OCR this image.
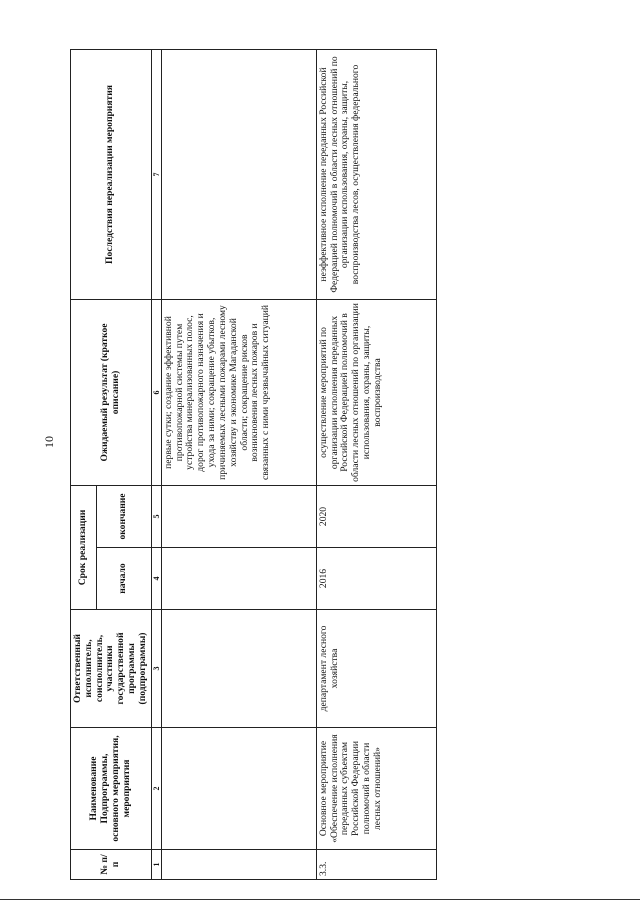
10
№ п/п	Наименование Подпрограммы, основного мероприятия, мероприятия	Ответственный исполнитель, соисполнитель, участники государственной программы (подпрограммы)	Срок реализации		Ожидаемый результат (краткое описание)	Последствия нереализации мероприятия
			начало	окончание		
1	2	3	4	5	6	7
					первые сутки; создание эффективной противопожарной системы путем устройства минерализованных полос, дорог противопожарного назначения и ухода за ними; сокращение убытков, причиняемых лесными пожарами лесному хозяйству и экономике Магаданской области; сокращение рисков возникновения лесных пожаров и связанных с ними чрезвычайных ситуаций	
3.3.	Основное мероприятие «Обеспечение исполнения переданных субъектам Российской Федерации полномочий в области лесных отношений»	департамент лесного хозяйства	2016	2020	осуществление мероприятий по организации исполнения переданных Российской Федерацией полномочий в области лесных отношений по организации использования, охраны, защиты, воспроизводства	неэффективное исполнение переданных Российской Федерацией полномочий в области лесных отношений по организации использования, охраны, защиты, воспроизводства лесов, осуществления федерального
